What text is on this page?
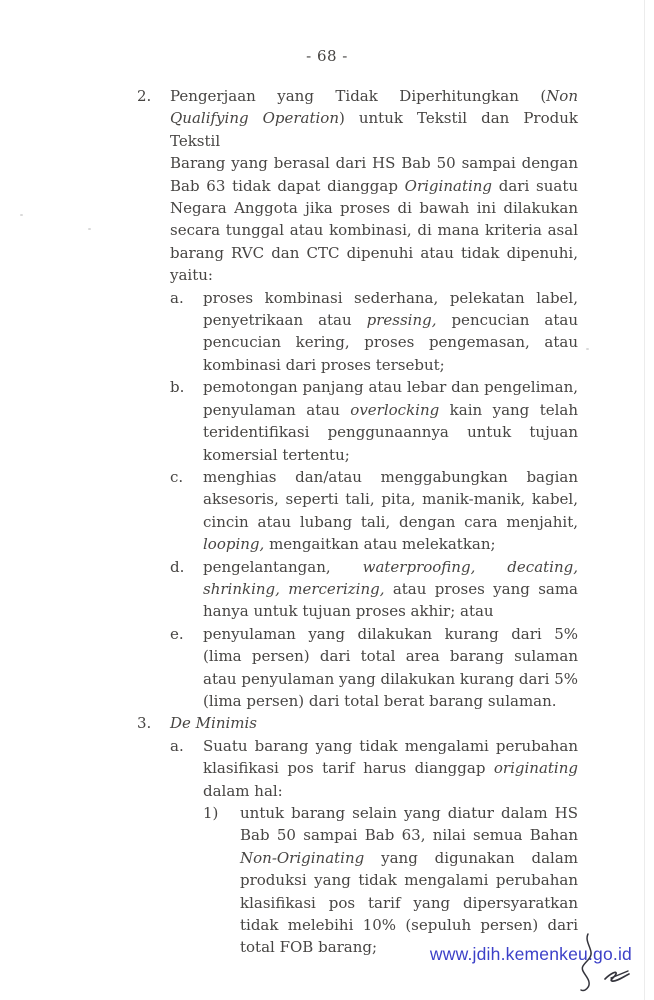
- 68 -
2.	Pengerjaan yang Tidak Diperhitungkan (Non Qualifying Operation) untuk Tekstil dan Produk Tekstil

Barang yang berasal dari HS Bab 50 sampai dengan Bab 63 tidak dapat dianggap Originating dari suatu Negara Anggota jika proses di bawah ini dilakukan secara tunggal atau kombinasi, di mana kriteria asal barang RVC dan CTC dipenuhi atau tidak dipenuhi, yaitu:

a.	proses kombinasi sederhana, pelekatan label, penyetrikaan atau pressing, pencucian atau pencucian kering, proses pengemasan, atau kombinasi dari proses tersebut;

b.	pemotongan panjang atau lebar dan pengeliman, penyulaman atau overlocking kain yang telah teridentifikasi penggunaannya untuk tujuan komersial tertentu;

c.	menghias dan/atau menggabungkan bagian aksesoris, seperti tali, pita, manik-manik, kabel, cincin atau lubang tali, dengan cara menjahit, looping, mengaitkan atau melekatkan;

d.	pengelantangan, waterproofing, decating, shrinking, mercerizing, atau proses yang sama hanya untuk tujuan proses akhir; atau

e.	penyulaman yang dilakukan kurang dari 5% (lima persen) dari total area barang sulaman atau penyulaman yang dilakukan kurang dari 5% (lima persen) dari total berat barang sulaman.

3.	De Minimis

a.	Suatu barang yang tidak mengalami perubahan klasifikasi pos tarif harus dianggap originating dalam hal:

1)	untuk barang selain yang diatur dalam HS Bab 50 sampai Bab 63, nilai semua Bahan Non-Originating yang digunakan dalam produksi yang tidak mengalami perubahan klasifikasi pos tarif yang dipersyaratkan tidak melebihi 10% (sepuluh persen) dari total FOB barang;	www.jdih.kemenkeu.go.id
